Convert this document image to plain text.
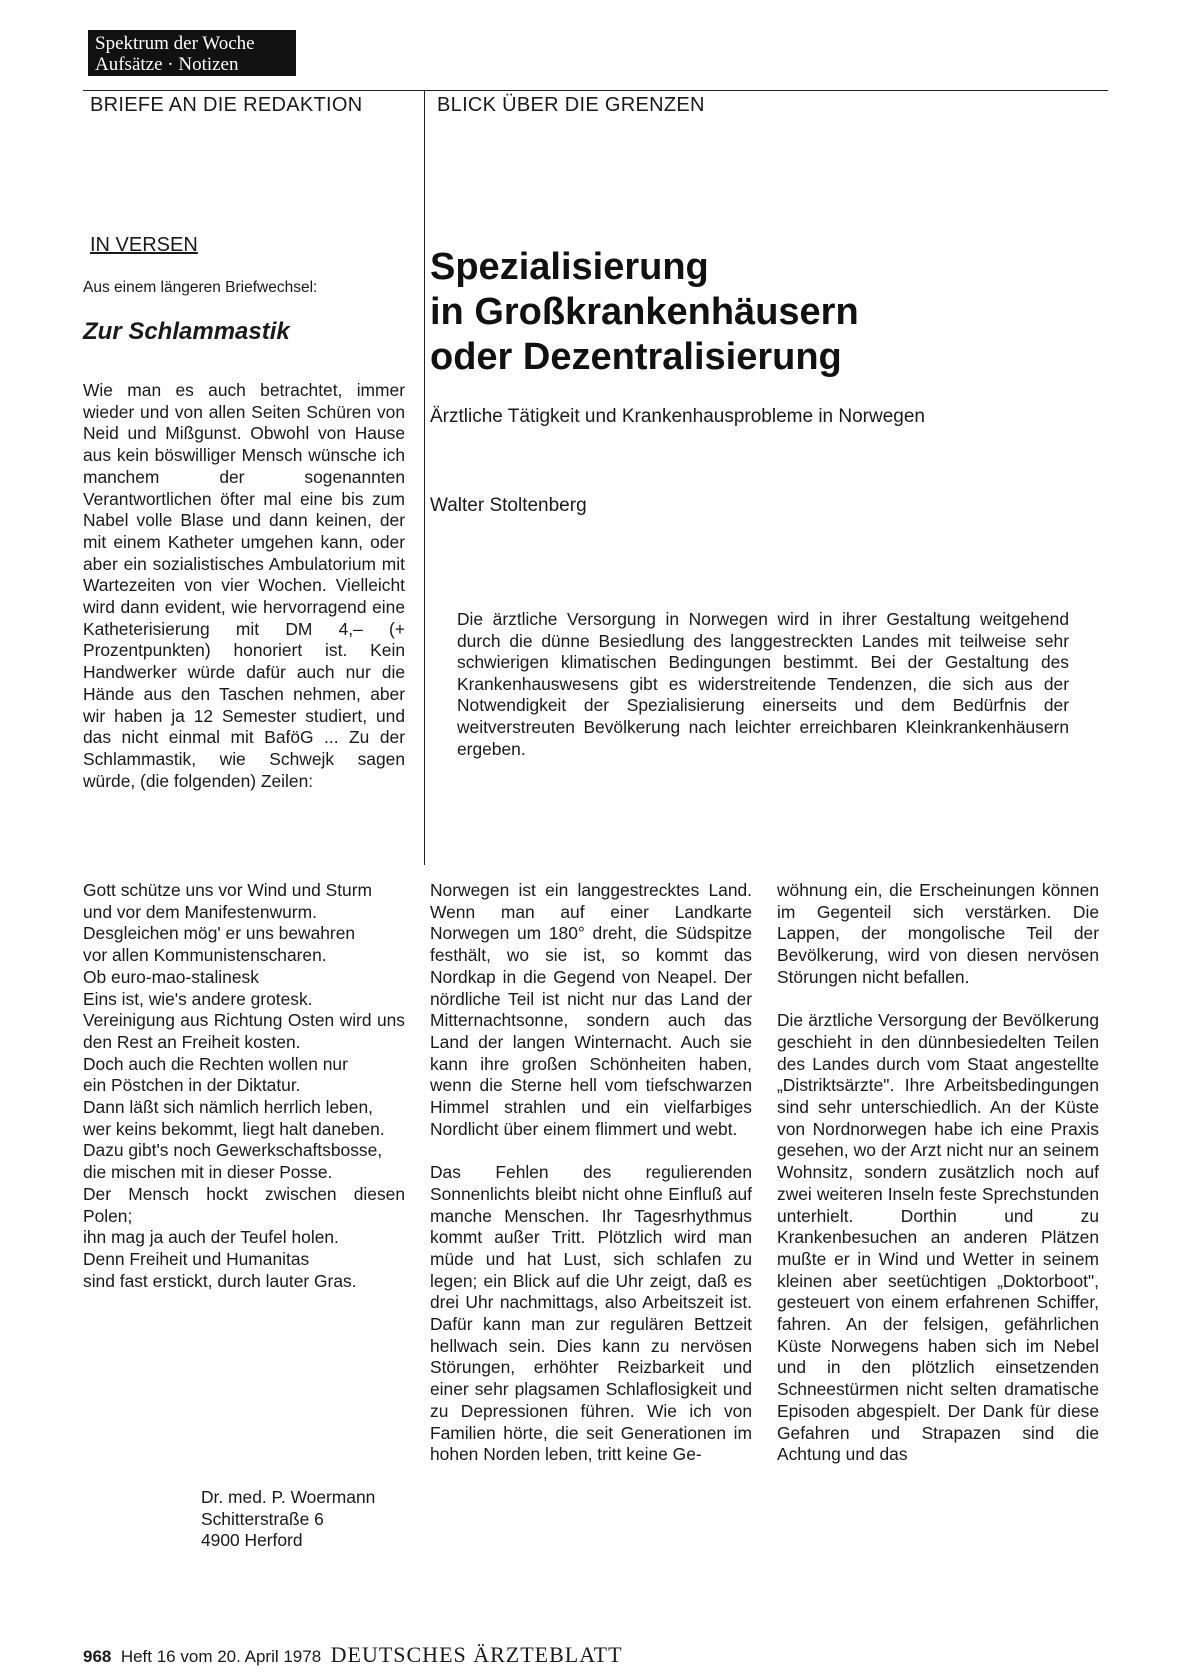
Spektrum der Woche
Aufsätze · Notizen
BRIEFE AN DIE REDAKTION	BLICK ÜBER DIE GRENZEN
IN VERSEN
Aus einem längeren Briefwechsel:
Zur Schlammastik

Wie man es auch betrachtet, immer wieder und von allen Seiten Schüren von Neid und Mißgunst. Obwohl von Hause aus kein böswilliger Mensch wünsche ich manchem der sogenannten Verantwortlichen öfter mal eine bis zum Nabel volle Blase und dann keinen, der mit einem Katheter umgehen kann, oder aber ein sozialistisches Ambulatorium mit Wartezeiten von vier Wochen. Vielleicht wird dann evident, wie hervorragend eine Katheterisierung mit DM 4,– (+ Prozentpunkten) honoriert ist. Kein Handwerker würde dafür auch nur die Hände aus den Taschen nehmen, aber wir haben ja 12 Semester studiert, und das nicht einmal mit BaföG ... Zu der Schlammastik, wie Schwejk sagen würde, (die folgenden) Zeilen:

Gott schütze uns vor Wind und Sturm
und vor dem Manifestenwurm.
Desgleichen mög' er uns bewahren
vor allen Kommunistenscharen.
Ob euro-mao-stalinesk
Eins ist, wie's andere grotesk.
Vereinigung aus Richtung Osten wird uns den Rest an Freiheit kosten.
Doch auch die Rechten wollen nur
ein Pöstchen in der Diktatur.
Dann läßt sich nämlich herrlich leben,
wer keins bekommt, liegt halt daneben.
Dazu gibt's noch Gewerkschaftsbosse,
die mischen mit in dieser Posse.
Der Mensch hockt zwischen diesen Polen;
ihn mag ja auch der Teufel holen.
Denn Freiheit und Humanitas
sind fast erstickt, durch lauter Gras.
Dr. med. P. Woermann
Schitterstraße 6
4900 Herford
Spezialisierung
in Großkrankenhäusern
oder Dezentralisierung
Ärztliche Tätigkeit und Krankenhausprobleme in Norwegen
Walter Stoltenberg
Die ärztliche Versorgung in Norwegen wird in ihrer Gestaltung weitgehend durch die dünne Besiedlung des langgestreckten Landes mit teilweise sehr schwierigen klimatischen Bedingungen bestimmt. Bei der Gestaltung des Krankenhauswesens gibt es widerstreitende Tendenzen, die sich aus der Notwendigkeit der Spezialisierung einerseits und dem Bedürfnis der weitverstreuten Bevölkerung nach leichter erreichbaren Kleinkrankenhäusern ergeben.

Norwegen ist ein langgestrecktes Land. Wenn man auf einer Landkarte Norwegen um 180° dreht, die Südspitze festhält, wo sie ist, so kommt das Nordkap in die Gegend von Neapel. Der nördliche Teil ist nicht nur das Land der Mitternachtsonne, sondern auch das Land der langen Winternacht. Auch sie kann ihre großen Schönheiten haben, wenn die Sterne hell vom tiefschwarzen Himmel strahlen und ein vielfarbiges Nordlicht über einem flimmert und webt.

Das Fehlen des regulierenden Sonnenlichts bleibt nicht ohne Einfluß auf manche Menschen. Ihr Tagesrhythmus kommt außer Tritt. Plötzlich wird man müde und hat Lust, sich schlafen zu legen; ein Blick auf die Uhr zeigt, daß es drei Uhr nachmittags, also Arbeitszeit ist. Dafür kann man zur regulären Bettzeit hellwach sein. Dies kann zu nervösen Störungen, erhöhter Reizbarkeit und einer sehr plagsamen Schlaflosigkeit und zu Depressionen führen. Wie ich von Familien hörte, die seit Generationen im hohen Norden leben, tritt keine Ge-

wöhnung ein, die Erscheinungen können im Gegenteil sich verstärken. Die Lappen, der mongolische Teil der Bevölkerung, wird von diesen nervösen Störungen nicht befallen.

Die ärztliche Versorgung der Bevölkerung geschieht in den dünnbesiedelten Teilen des Landes durch vom Staat angestellte „Distriktsärzte". Ihre Arbeitsbedingungen sind sehr unterschiedlich. An der Küste von Nordnorwegen habe ich eine Praxis gesehen, wo der Arzt nicht nur an seinem Wohnsitz, sondern zusätzlich noch auf zwei weiteren Inseln feste Sprechstunden unterhielt. Dorthin und zu Krankenbesuchen an anderen Plätzen mußte er in Wind und Wetter in seinem kleinen aber seetüchtigen „Doktorboot", gesteuert von einem erfahrenen Schiffer, fahren. An der felsigen, gefährlichen Küste Norwegens haben sich im Nebel und in den plötzlich einsetzenden Schneestürmen nicht selten dramatische Episoden abgespielt. Der Dank für diese Gefahren und Strapazen sind die Achtung und das

968 Heft 16 vom 20. April 1978 DEUTSCHES ÄRZTEBLATT
